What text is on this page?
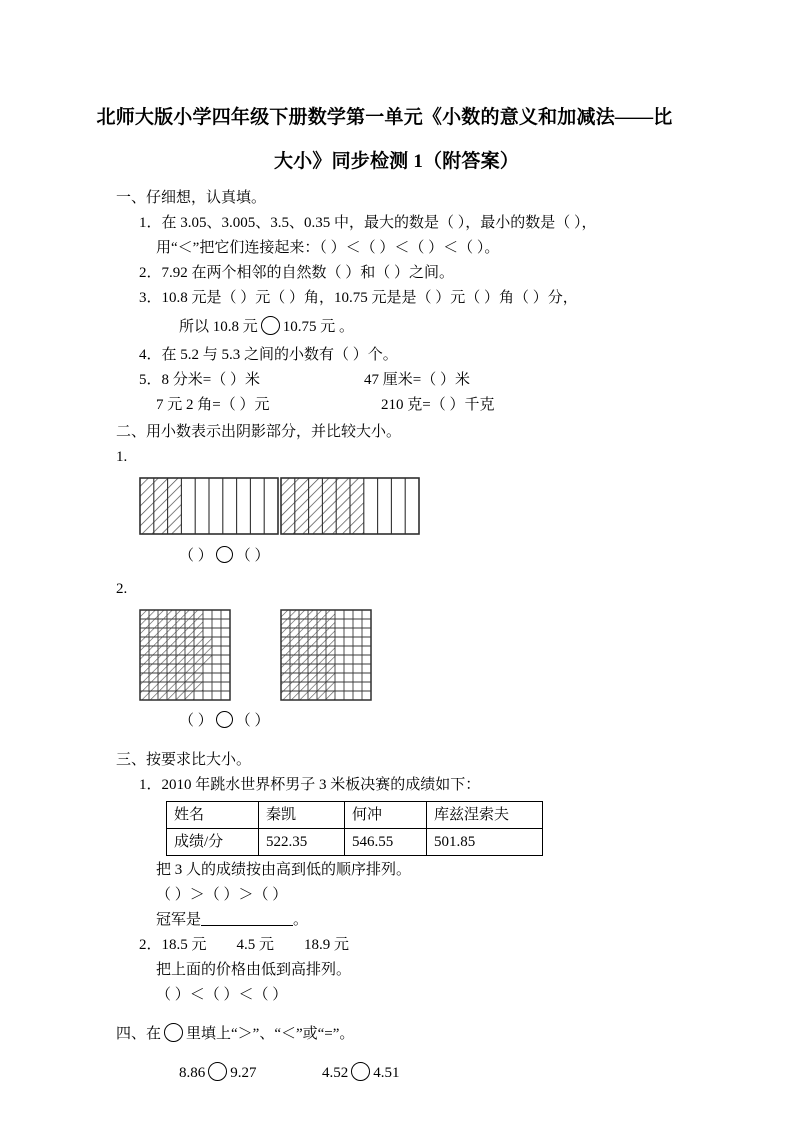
北师大版小学四年级下册数学第一单元《小数的意义和加减法——比
大小》同步检测 1（附答案）
一、仔细想，认真填。
1．在 3.05、3.005、3.5、0.35 中，最大的数是（ ），最小的数是（ ），
用“＜”把它们连接起来：（ ）＜（ ）＜（ ）＜（ ）。
2．7.92 在两个相邻的自然数（ ）和（ ）之间。
3．10.8 元是（ ）元（ ）角，10.75 元是是（ ）元（ ）角（ ）分，
所以 10.8 元 10.75 元 。
4．在 5.2 与 5.3 之间的小数有（ ）个。
5．8 分米=（ ）米	47 厘米=（ ）米
7 元 2 角=（ ）元	210 克=（ ）千克
二、用小数表示出阴影部分，并比较大小。
1.
（ ） （ ）
2.
（ ） （ ）
三、按要求比大小。
1．2010 年跳水世界杯男子 3 米板决赛的成绩如下：
姓名	秦凯	何冲	库兹涅索夫
成绩/分	522.35	546.55	501.85
把 3 人的成绩按由高到低的顺序排列。
（ ）＞（ ）＞（ ）
冠军是	。
2．18.5 元 4.5 元 18.9 元
把上面的价格由低到高排列。
（ ）＜（ ）＜（ ）
四、在 里填上“＞”、“＜”或“=”。
8.86 9.27	4.52 4.51
